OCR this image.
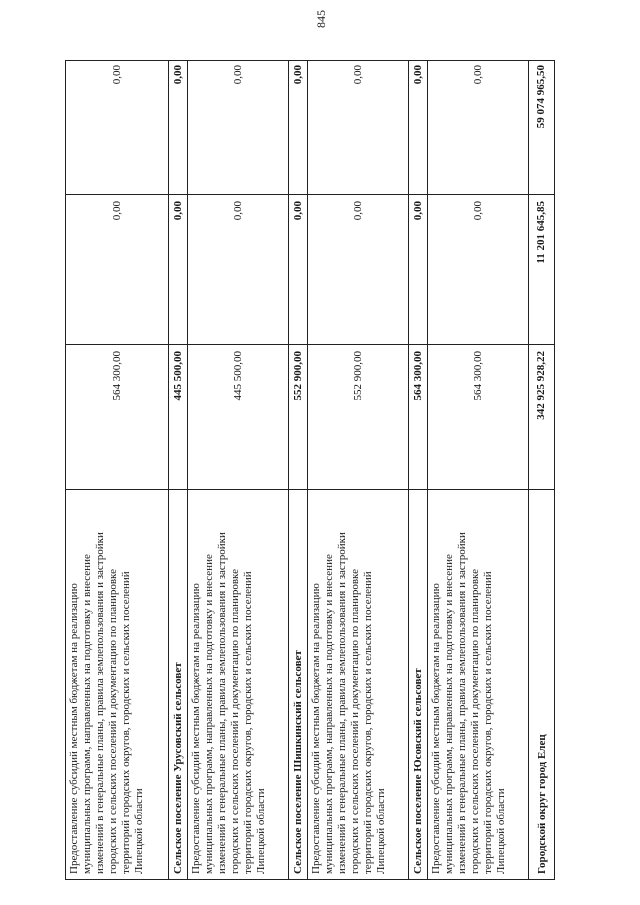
845
Предоставление субсидий местным бюджетам на реализацию
муниципальных программ, направленных на подготовку и внесение
изменений в генеральные планы, правила землепользования и застройки
городских и сельских поселений и документацию по планировке
территорий городских округов, городских и сельских поселений
Липецкой области
564 300,00
0,00
0,00
Сельское поселение Урусовский сельсовет
445 500,00
0,00
0,00
Предоставление субсидий местным бюджетам на реализацию
муниципальных программ, направленных на подготовку и внесение
изменений в генеральные планы, правила землепользования и застройки
городских и сельских поселений и документацию по планировке
территорий городских округов, городских и сельских поселений
Липецкой области
445 500,00
0,00
0,00
Сельское поселение Шишкинский сельсовет
552 900,00
0,00
0,00
Предоставление субсидий местным бюджетам на реализацию
муниципальных программ, направленных на подготовку и внесение
изменений в генеральные планы, правила землепользования и застройки
городских и сельских поселений и документацию по планировке
территорий городских округов, городских и сельских поселений
Липецкой области
552 900,00
0,00
0,00
Сельское поселение Юсовский сельсовет
564 300,00
0,00
0,00
Предоставление субсидий местным бюджетам на реализацию
муниципальных программ, направленных на подготовку и внесение
изменений в генеральные планы, правила землепользования и застройки
городских и сельских поселений и документацию по планировке
территорий городских округов, городских и сельских поселений
Липецкой области
564 300,00
0,00
0,00
Городской округ город Елец
342 925 928,22
11 201 645,85
59 074 965,50
